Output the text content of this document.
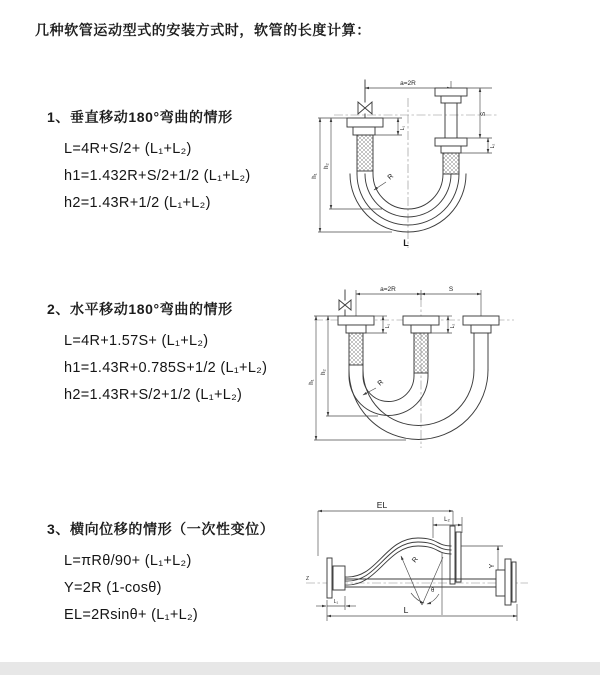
几种软管运动型式的安装方式时，软管的长度计算：
1、垂直移动180°弯曲的情形
L=4R+S/2+ (L₁+L₂)
h1=1.432R+S/2+1/2 (L₁+L₂)
h2=1.43R+1/2 (L₁+L₂)
2、水平移动180°弯曲的情形
L=4R+1.57S+ (L₁+L₂)
h1=1.43R+0.785S+1/2 (L₁+L₂)
h2=1.43R+S/2+1/2 (L₁+L₂)
3、横向位移的情形（一次性变位）
L=πRθ/90+ (L₁+L₂)
Y=2R (1-cosθ)
EL=2Rsinθ+ (L₁+L₂)
a=2R
h₁
h₂
L₁
S
L₂
R
L
a=2R	S
h₁
h₂
L₁	L₂
R
Z
EL
L₂
Y
θ
R
L₁
L
